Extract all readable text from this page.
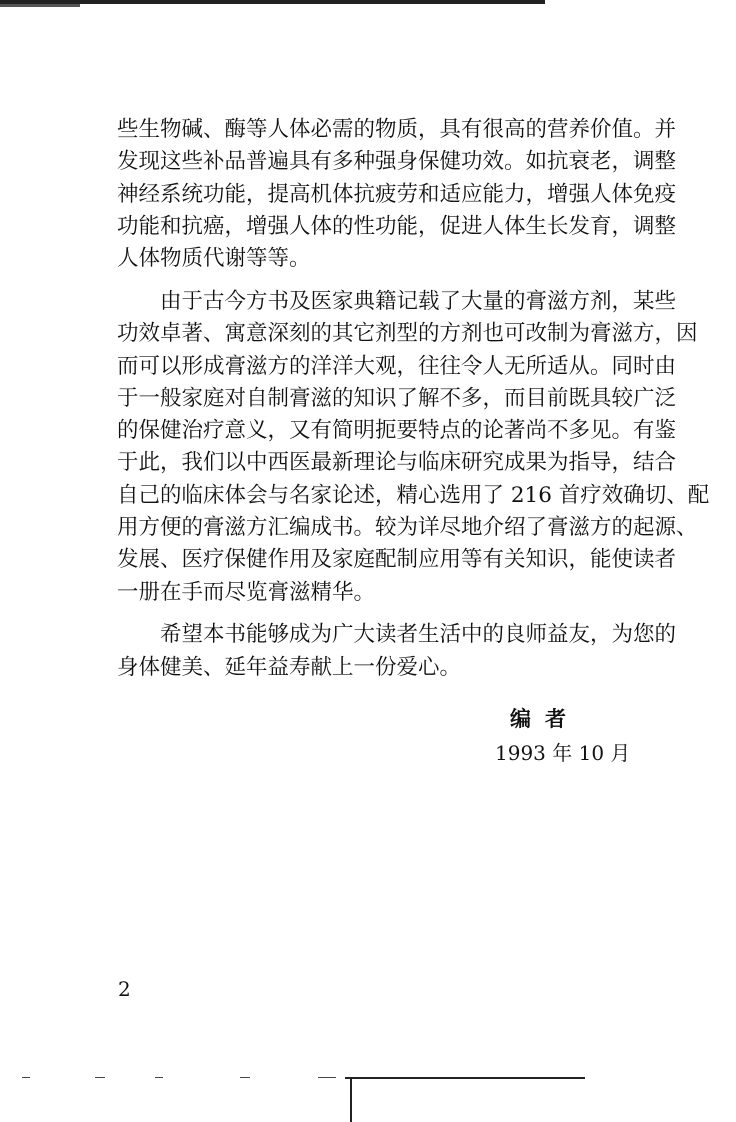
些生物碱、酶等人体必需的物质，具有很高的营养价值。并
发现这些补品普遍具有多种强身保健功效。如抗衰老，调整
神经系统功能，提高机体抗疲劳和适应能力，增强人体免疫
功能和抗癌，增强人体的性功能，促进人体生长发育，调整
人体物质代谢等等。
　　由于古今方书及医家典籍记载了大量的膏滋方剂，某些
功效卓著、寓意深刻的其它剂型的方剂也可改制为膏滋方，因
而可以形成膏滋方的洋洋大观，往往令人无所适从。同时由
于一般家庭对自制膏滋的知识了解不多，而目前既具较广泛
的保健治疗意义，又有简明扼要特点的论著尚不多见。有鉴
于此，我们以中西医最新理论与临床研究成果为指导，结合
自己的临床体会与名家论述，精心选用了 216 首疗效确切、配
用方便的膏滋方汇编成书。较为详尽地介绍了膏滋方的起源、
发展、医疗保健作用及家庭配制应用等有关知识，能使读者
一册在手而尽览膏滋精华。
　　希望本书能够成为广大读者生活中的良师益友，为您的
身体健美、延年益寿献上一份爱心。
编者
1993 年 10 月
2
